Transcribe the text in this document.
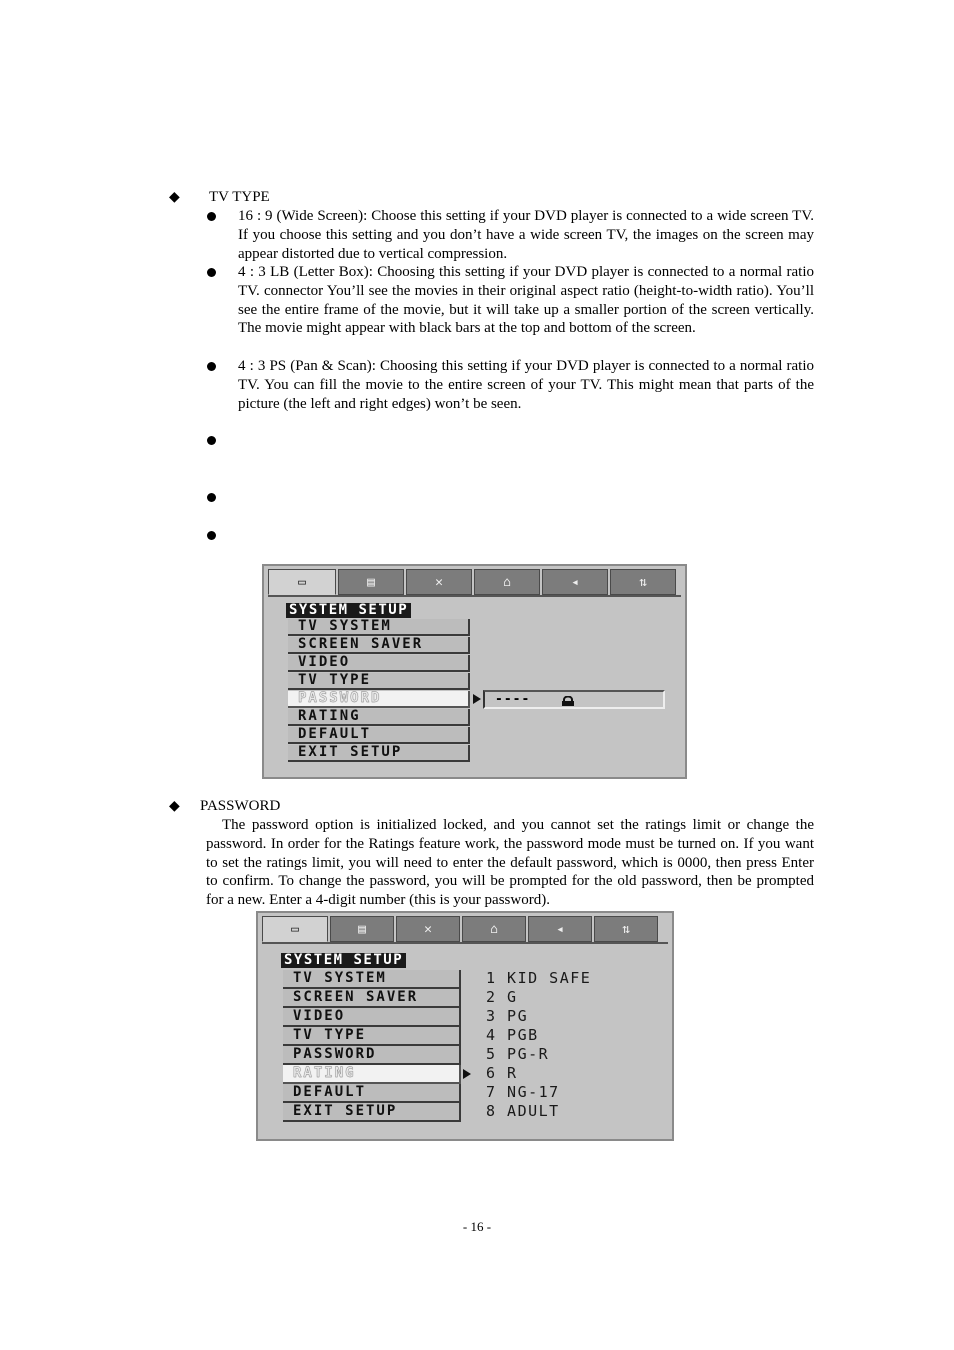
◆ TV TYPE
16 : 9 (Wide Screen): Choose this setting if your DVD player is connected to a wide screen TV. If you choose this setting and you don’t have a wide screen TV, the images on the screen may appear distorted due to vertical compression.
4 : 3 LB (Letter Box): Choosing this setting if your DVD player is connected to a normal ratio TV. connector You’ll see the movies in their original aspect ratio (height-to-width ratio). You’ll see the entire frame of the movie, but it will take up a smaller portion of the screen vertically. The movie might appear with black bars at the top and bottom of the screen.
4 : 3 PS (Pan & Scan): Choosing this setting if your DVD player is connected to a normal ratio TV. You can fill the movie to the entire screen of your TV. This might mean that parts of the picture (the left and right edges) won’t be seen.
▭	▤	✕	⌂	◂	⇅
SYSTEM SETUP
TV SYSTEM
SCREEN SAVER
VIDEO
TV TYPE
PASSWORD
RATING
DEFAULT
EXIT SETUP
----
◆ PASSWORD
The password option is initialized locked, and you cannot set the ratings limit or change the password. In order for the Ratings feature work, the password mode must be turned on. If you want to set the ratings limit, you will need to enter the default password, which is 0000, then press Enter to confirm. To change the password, you will be prompted for the old password, then be prompted for a new. Enter a 4-digit number (this is your password).
▭	▤	✕	⌂	◂	⇅
SYSTEM SETUP
TV SYSTEM
SCREEN SAVER
VIDEO
TV TYPE
PASSWORD
RATING
DEFAULT
EXIT SETUP
1 KID SAFE
2 G
3 PG
4 PGB
5 PG-R
6 R
7 NG-17
8 ADULT
- 16 -
